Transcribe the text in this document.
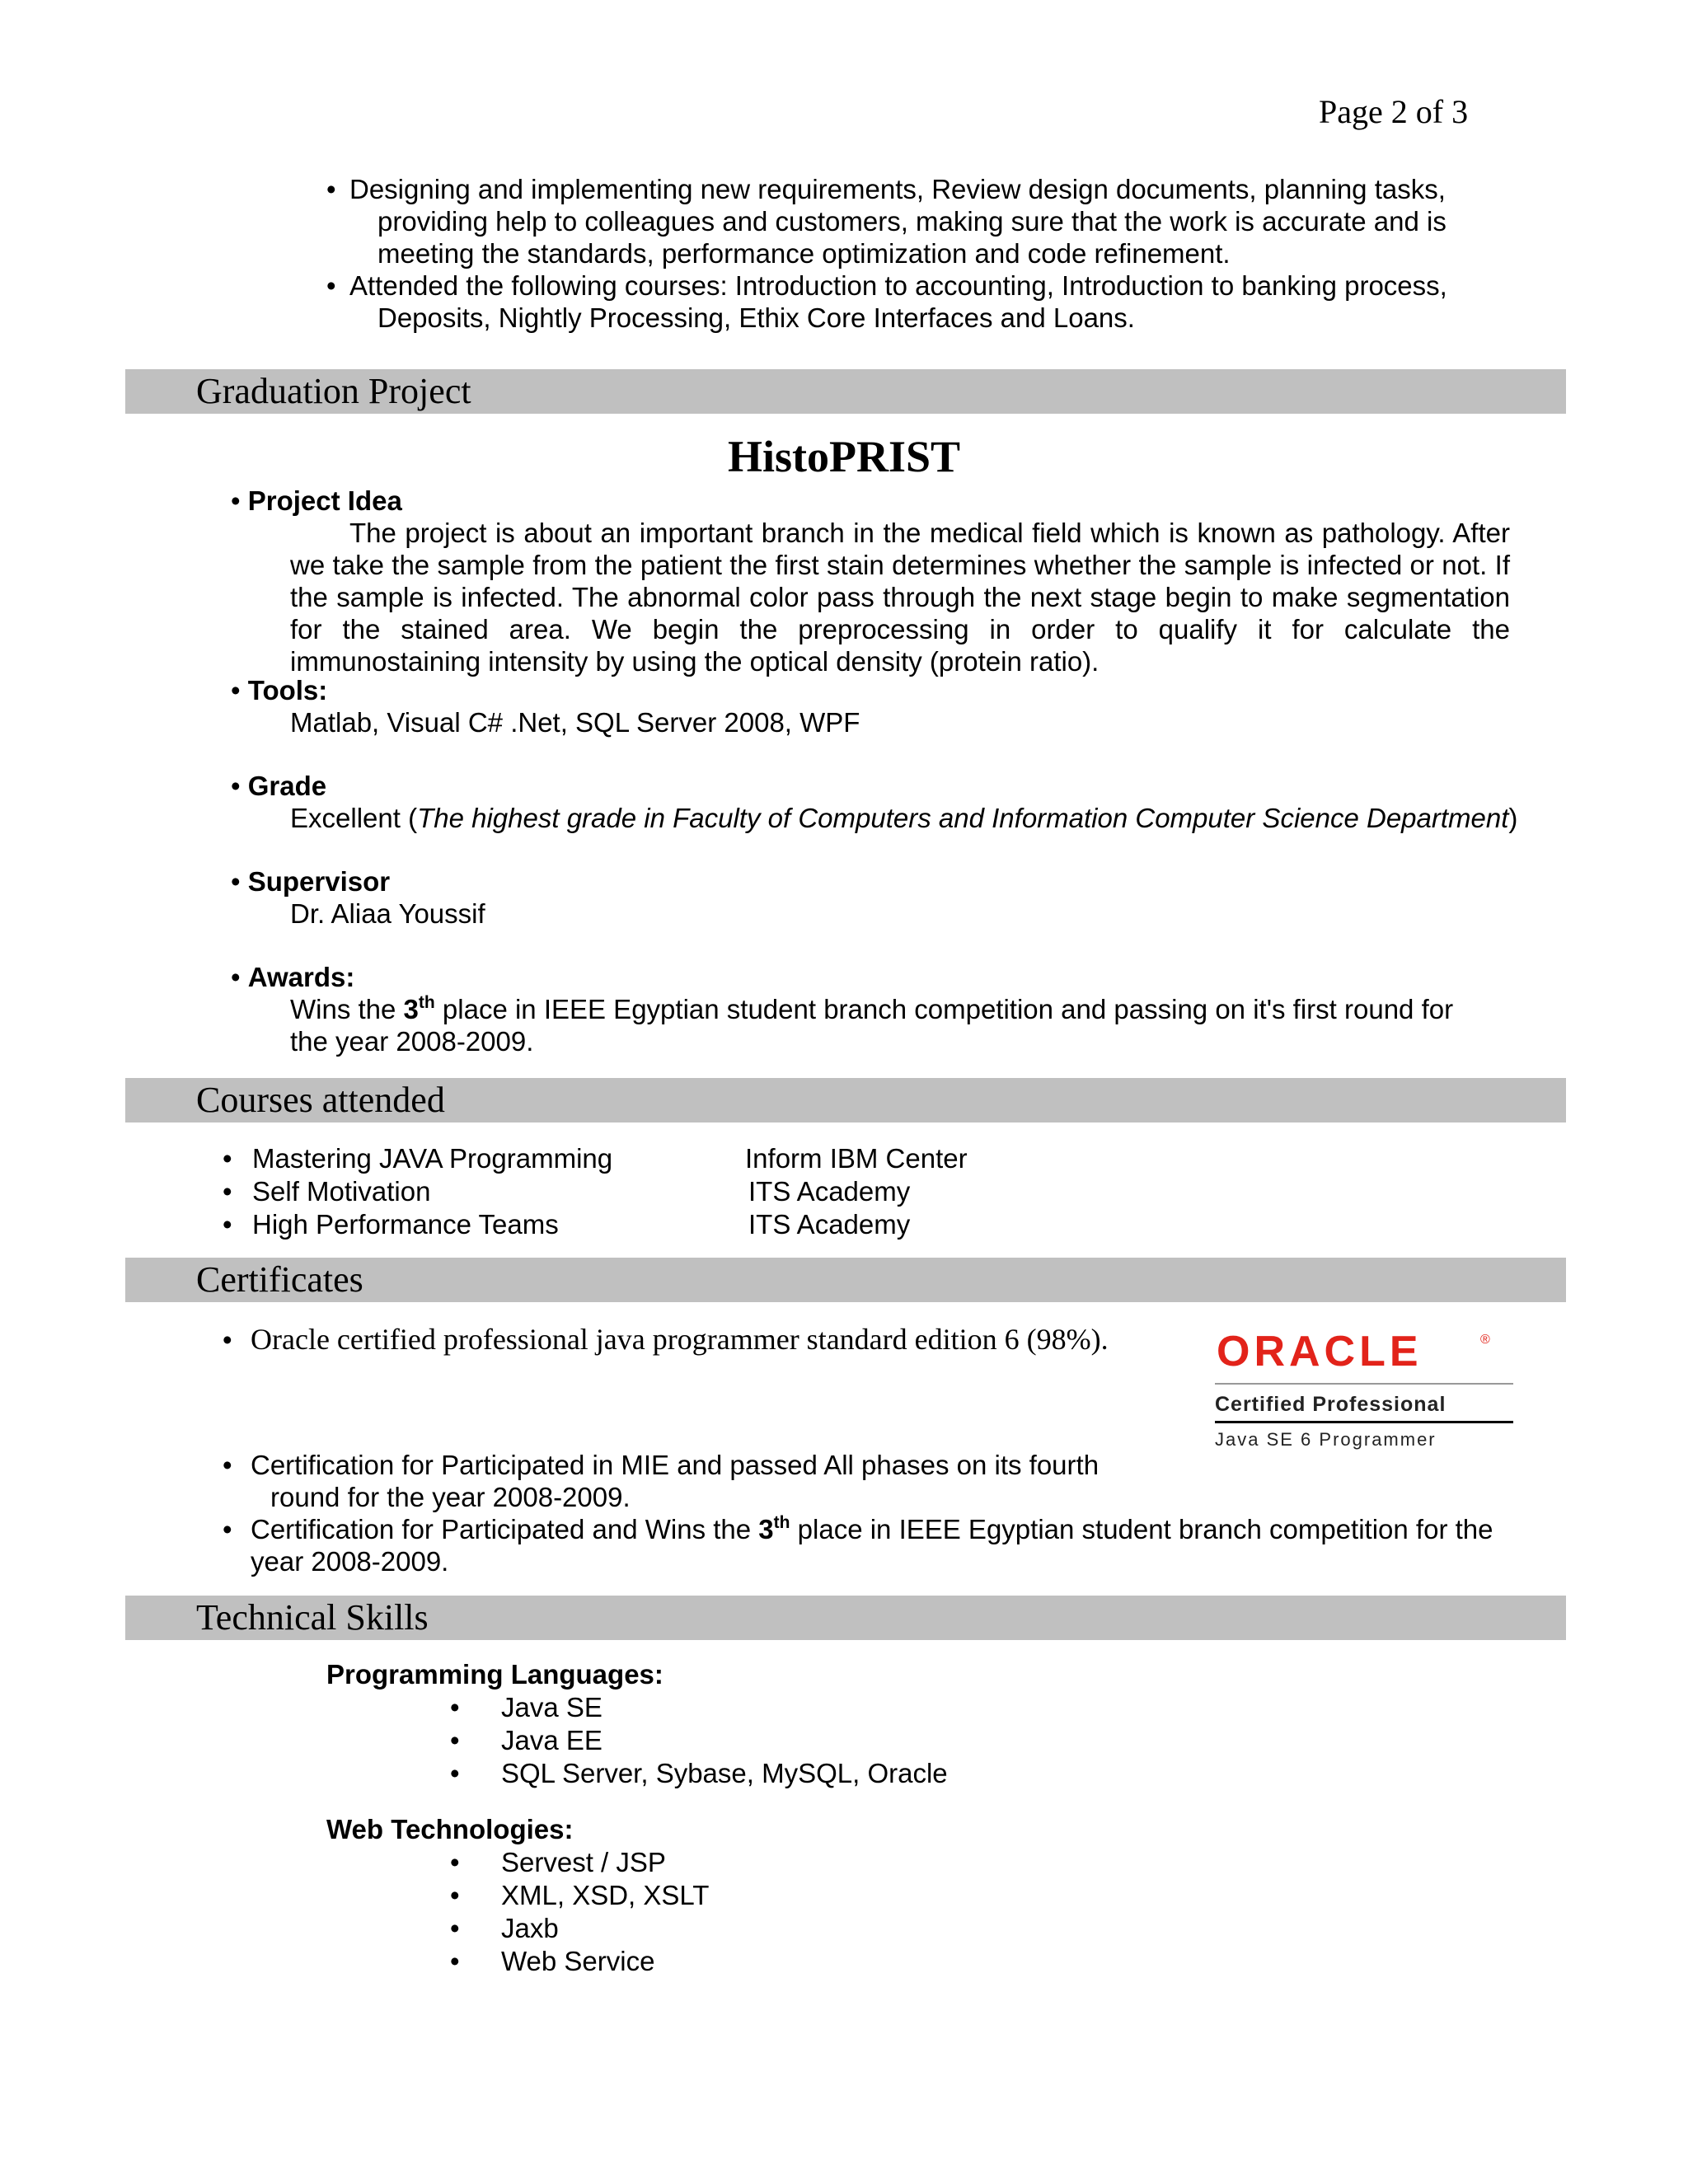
Page 2 of 3
• Designing and implementing new requirements, Review design documents, planning tasks,
providing help to colleagues and customers, making sure that the work is accurate and is
meeting the standards, performance optimization and code refinement.
• Attended the following courses: Introduction to accounting, Introduction to banking process,
Deposits, Nightly Processing, Ethix Core Interfaces and Loans.
Graduation Project
HistoPRIST
• Project Idea
The project is about an important branch in the medical field which is known as pathology. After we take the sample from the patient the first stain determines whether the sample is infected or not. If the sample is infected. The abnormal color pass through the next stage begin to make segmentation for the stained area. We begin the preprocessing in order to qualify it for calculate the immunostaining intensity by using the optical density (protein ratio).
• Tools:
Matlab, Visual C# .Net, SQL Server 2008, WPF
• Grade
Excellent (The highest grade in Faculty of Computers and Information Computer Science Department)
• Supervisor
Dr. Aliaa Youssif
• Awards:
Wins the 3th place in IEEE Egyptian student branch competition and passing on it's first round for
the year 2008-2009.
Courses attended
• Mastering JAVA Programming	Inform IBM Center
• Self Motivation	ITS Academy
• High Performance Teams	ITS Academy
Certificates
• Oracle certified professional java programmer standard edition 6 (98%).	ORACLE	®
Certified Professional
Java SE 6 Programmer
• Certification for Participated in MIE and passed All phases on its fourth
round for the year 2008-2009.
• Certification for Participated and Wins the 3th place in IEEE Egyptian student branch competition for the
year 2008-2009.
Technical Skills
Programming Languages:
• Java SE
• Java EE
• SQL Server, Sybase, MySQL, Oracle
Web Technologies:
• Servest / JSP
• XML, XSD, XSLT
• Jaxb
• Web Service
